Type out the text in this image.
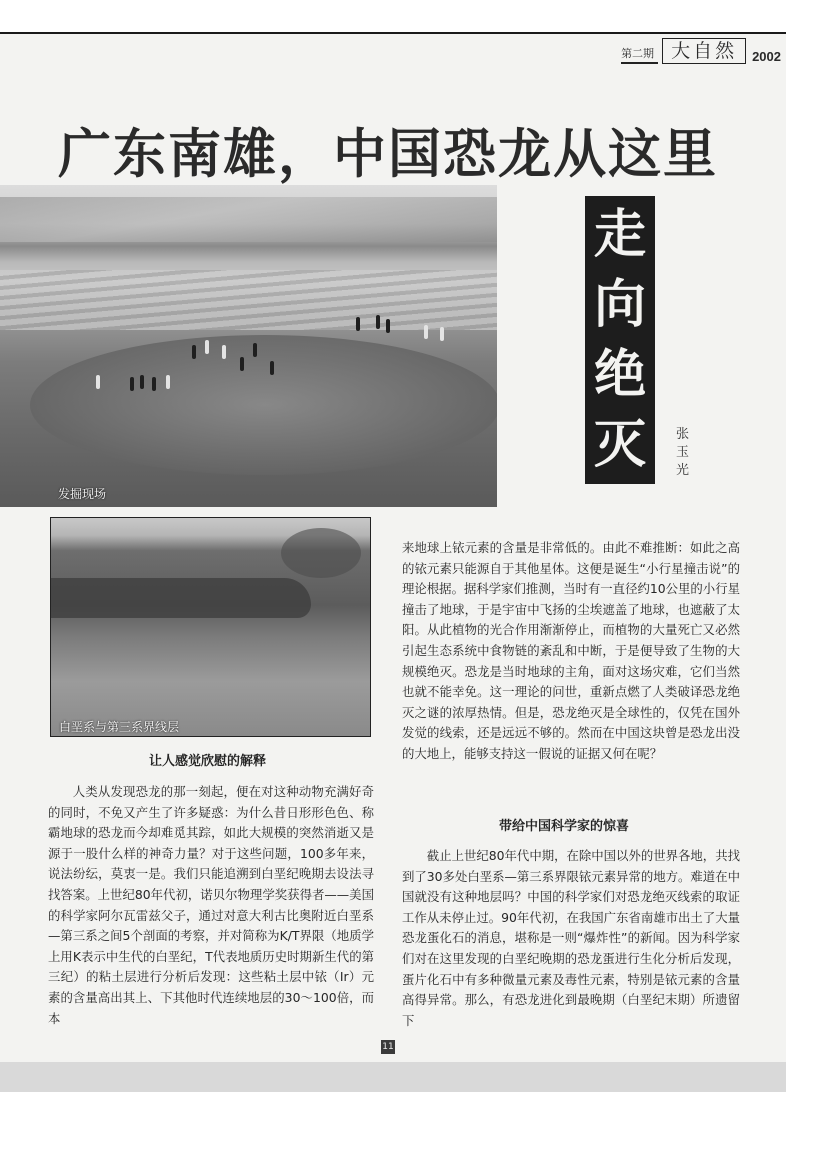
第二期 大自然	2002
广东南雄，中国恐龙从这里
发掘现场
走
向
绝
灭 张
玉
光
白垩系与第三系界线层
让人感觉欣慰的解释

人类从发现恐龙的那一刻起，便在对这种动物充满好奇的同时，不免又产生了许多疑惑：为什么昔日形形色色、称霸地球的恐龙而今却难觅其踪，如此大规模的突然消逝又是源于一股什么样的神奇力量？对于这些问题，100多年来，说法纷纭，莫衷一是。我们只能追溯到白垩纪晚期去设法寻找答案。上世纪80年代初，诺贝尔物理学奖获得者——美国的科学家阿尔瓦雷兹父子，通过对意大利古比奥附近白垩系—第三系之间5个剖面的考察，并对简称为K/T界限（地质学上用K表示中生代的白垩纪，T代表地质历史时期新生代的第三纪）的粘土层进行分析后发现：这些粘土层中铱（Ir）元素的含量高出其上、下其他时代连续地层的30～100倍，而本

来地球上铱元素的含量是非常低的。由此不难推断：如此之高的铱元素只能源自于其他星体。这便是诞生“小行星撞击说”的理论根据。据科学家们推测，当时有一直径约10公里的小行星撞击了地球，于是宇宙中飞扬的尘埃遮盖了地球，也遮蔽了太阳。从此植物的光合作用渐渐停止，而植物的大量死亡又必然引起生态系统中食物链的紊乱和中断，于是便导致了生物的大规模绝灭。恐龙是当时地球的主角，面对这场灾难，它们当然也就不能幸免。这一理论的问世，重新点燃了人类破译恐龙绝灭之谜的浓厚热情。但是，恐龙绝灭是全球性的，仅凭在国外发觉的线索，还是远远不够的。然而在中国这块曾是恐龙出没的大地上，能够支持这一假说的证据又何在呢？

带给中国科学家的惊喜

截止上世纪80年代中期，在除中国以外的世界各地，共找到了30多处白垩系—第三系界限铱元素异常的地方。难道在中国就没有这种地层吗？中国的科学家们对恐龙绝灭线索的取证工作从未停止过。90年代初，在我国广东省南雄市出土了大量恐龙蛋化石的消息，堪称是一则“爆炸性”的新闻。因为科学家们对在这里发现的白垩纪晚期的恐龙蛋进行生化分析后发现，蛋片化石中有多种微量元素及毒性元素，特别是铱元素的含量高得异常。那么，有恐龙进化到最晚期（白垩纪末期）所遗留下

11
